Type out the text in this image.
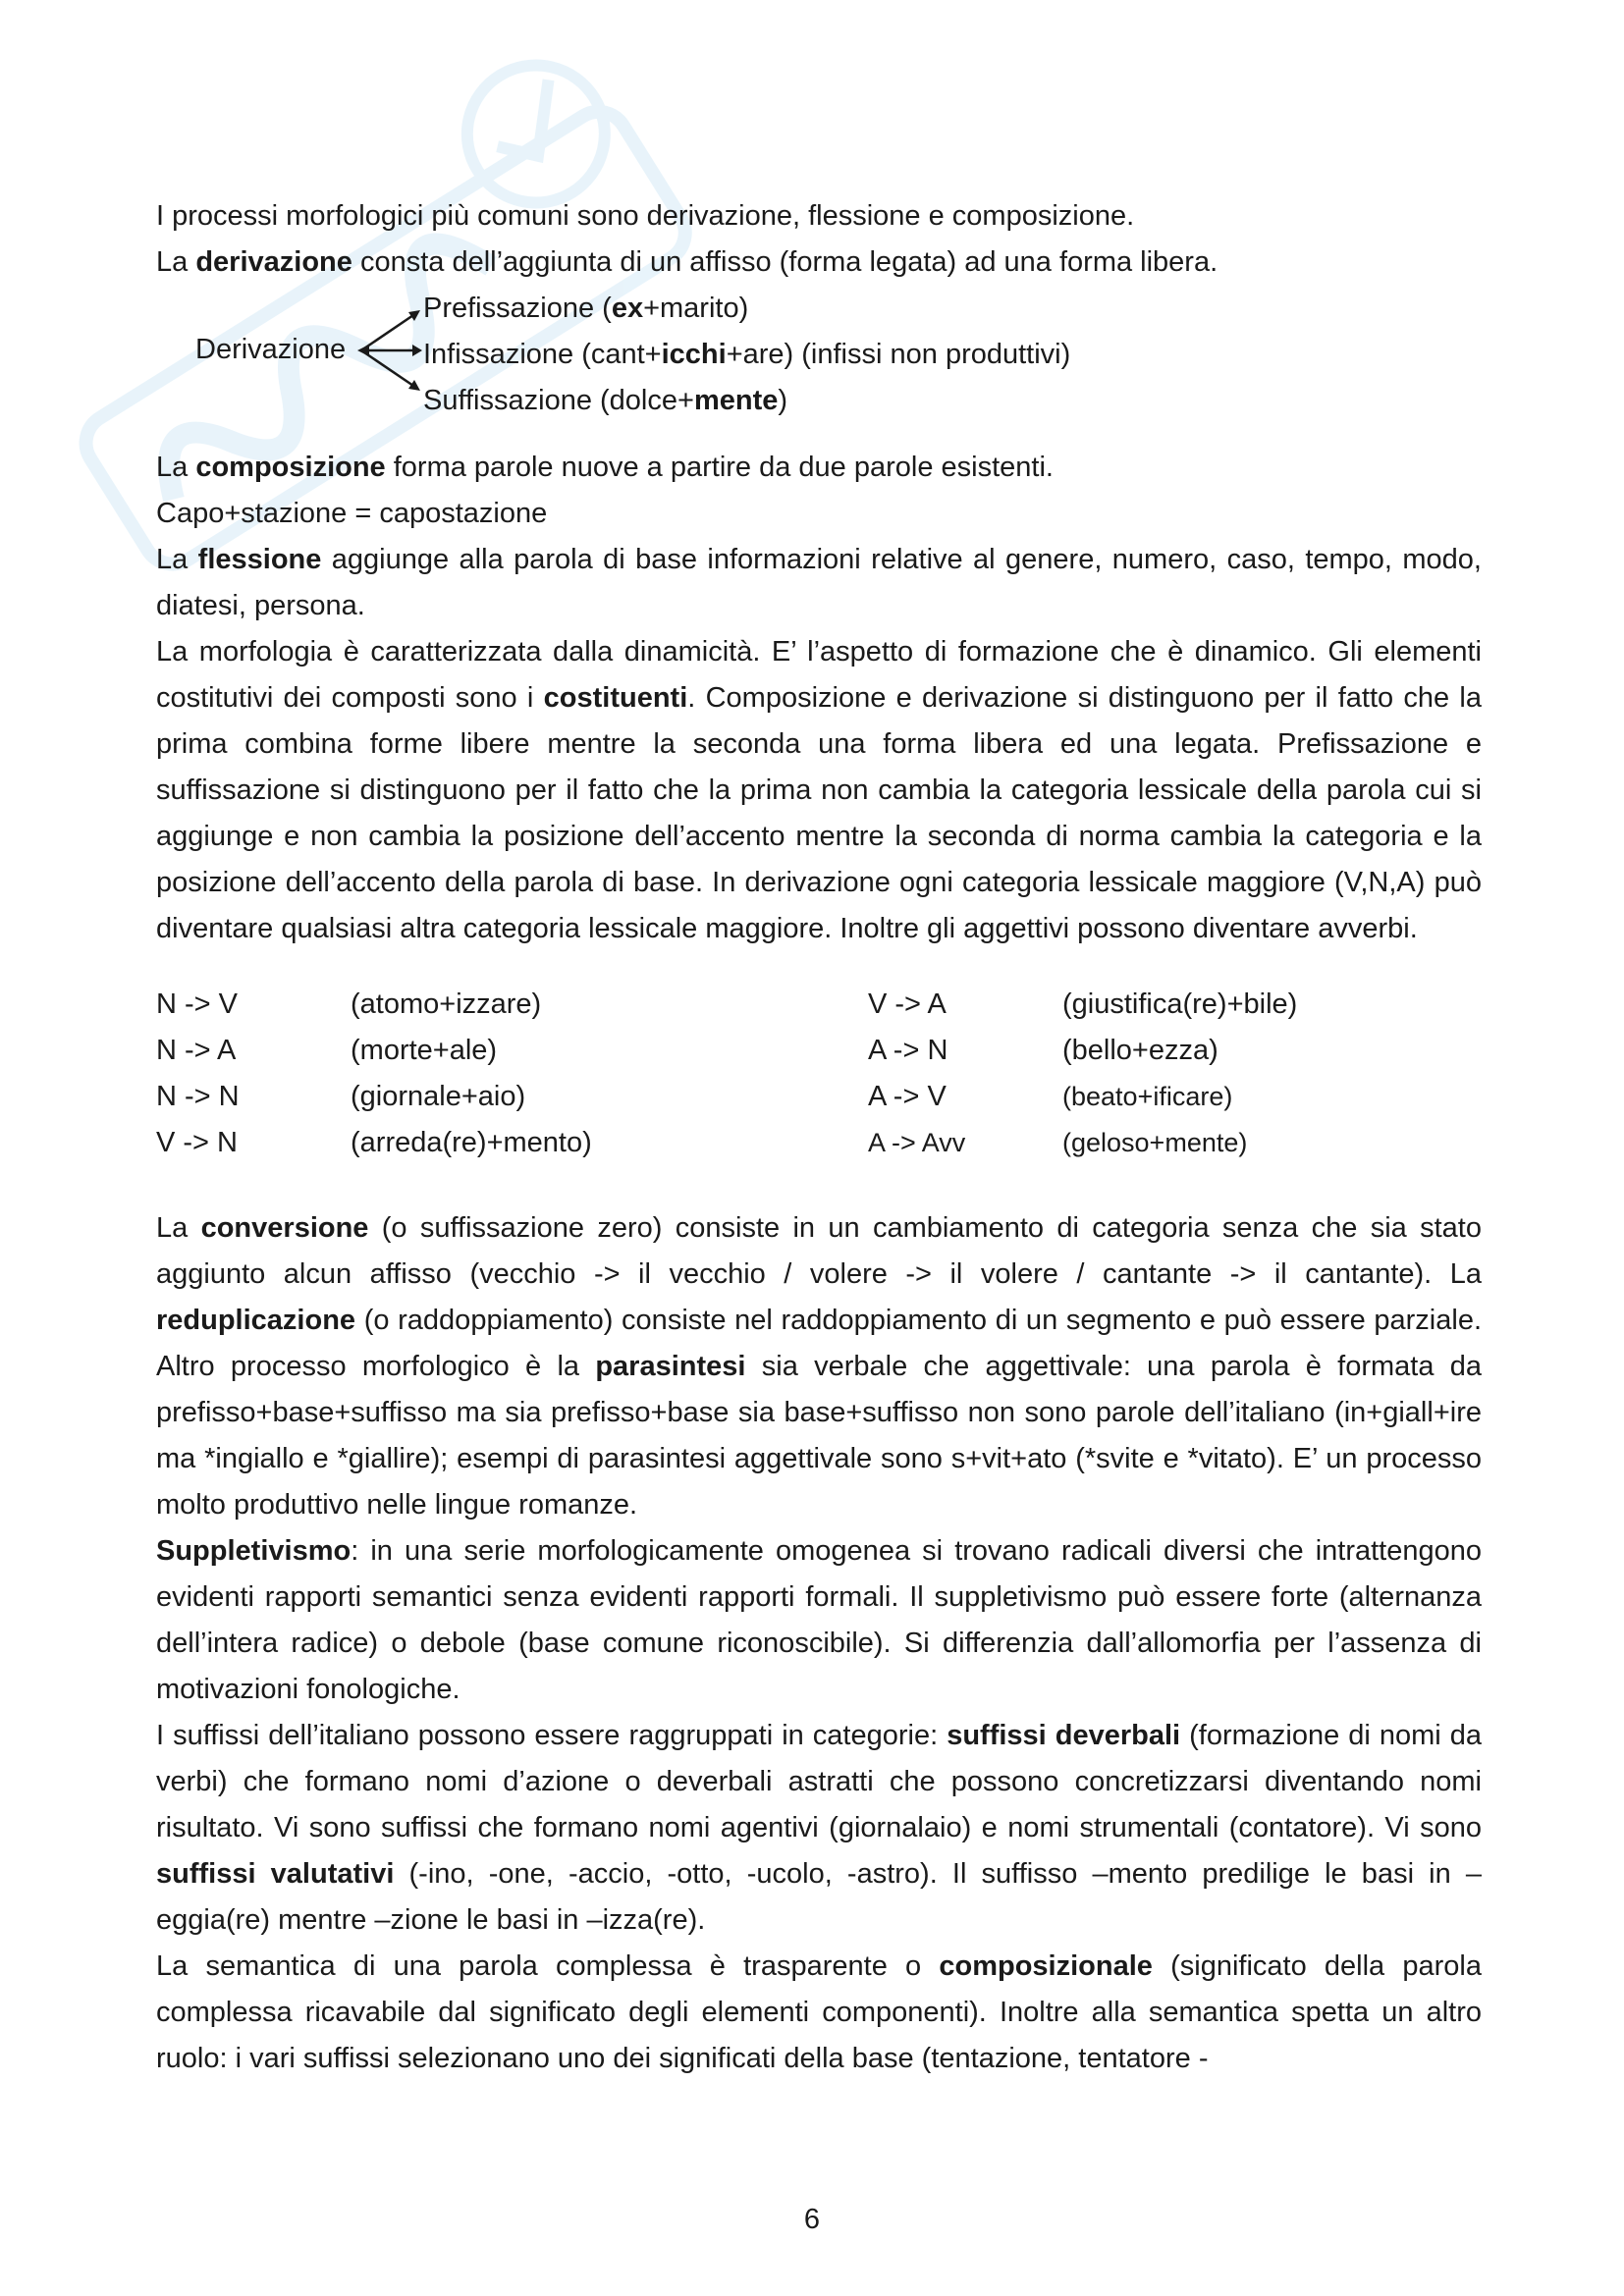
I processi morfologici più comuni sono derivazione, flessione e composizione.

La derivazione consta dell’aggiunta di un affisso (forma legata) ad una forma libera.

Derivazione
Prefissazione (ex+marito)
Infissazione (cant+icchi+are) (infissi non produttivi)
Suffissazione (dolce+mente)

La composizione forma parole nuove a partire da due parole esistenti.

Capo+stazione = capostazione

La flessione aggiunge alla parola di base informazioni relative al genere, numero, caso, tempo, modo, diatesi, persona.

La morfologia è caratterizzata dalla dinamicità. E’ l’aspetto di formazione che è dinamico. Gli elementi costitutivi dei composti sono i costituenti. Composizione e derivazione si distinguono per il fatto che la prima combina forme libere mentre la seconda una forma libera ed una legata. Prefissazione e suffissazione si distinguono per il fatto che la prima non cambia la categoria lessicale della parola cui si aggiunge e non cambia la posizione dell’accento mentre la seconda di norma cambia la categoria e la posizione dell’accento della parola di base. In derivazione ogni categoria lessicale maggiore (V,N,A) può diventare qualsiasi altra categoria lessicale maggiore. Inoltre gli aggettivi possono diventare avverbi.

N -> V	(atomo+izzare)	V -> A	(giustifica(re)+bile)
N -> A	(morte+ale)	A -> N	(bello+ezza)
N -> N	(giornale+aio)	A -> V	(beato+ificare)
V -> N	(arreda(re)+mento)	A -> Avv	(geloso+mente)

La conversione (o suffissazione zero) consiste in un cambiamento di categoria senza che sia stato aggiunto alcun affisso (vecchio -> il vecchio / volere -> il volere / cantante -> il cantante). La reduplicazione (o raddoppiamento) consiste nel raddoppiamento di un segmento e può essere parziale. Altro processo morfologico è la parasintesi sia verbale che aggettivale: una parola è formata da prefisso+base+suffisso ma sia prefisso+base sia base+suffisso non sono parole dell’italiano (in+giall+ire ma *ingiallo e *giallire); esempi di parasintesi aggettivale sono s+vit+ato (*svite e *vitato). E’ un processo molto produttivo nelle lingue romanze.

Suppletivismo: in una serie morfologicamente omogenea si trovano radicali diversi che intrattengono evidenti rapporti semantici senza evidenti rapporti formali. Il suppletivismo può essere forte (alternanza dell’intera radice) o debole (base comune riconoscibile). Si differenzia dall’allomorfia per l’assenza di motivazioni fonologiche.

I suffissi dell’italiano possono essere raggruppati in categorie: suffissi deverbali (formazione di nomi da verbi) che formano nomi d’azione o deverbali astratti che possono concretizzarsi diventando nomi risultato. Vi sono suffissi che formano nomi agentivi (giornalaio) e nomi strumentali (contatore). Vi sono suffissi valutativi (-ino, -one, -accio, -otto, -ucolo, -astro). Il suffisso –mento predilige le basi in –eggia(re) mentre –zione le basi in –izza(re).

La semantica di una parola complessa è trasparente o composizionale (significato della parola complessa ricavabile dal significato degli elementi componenti). Inoltre alla semantica spetta un altro ruolo: i vari suffissi selezionano uno dei significati della base (tentazione, tentatore -

6
